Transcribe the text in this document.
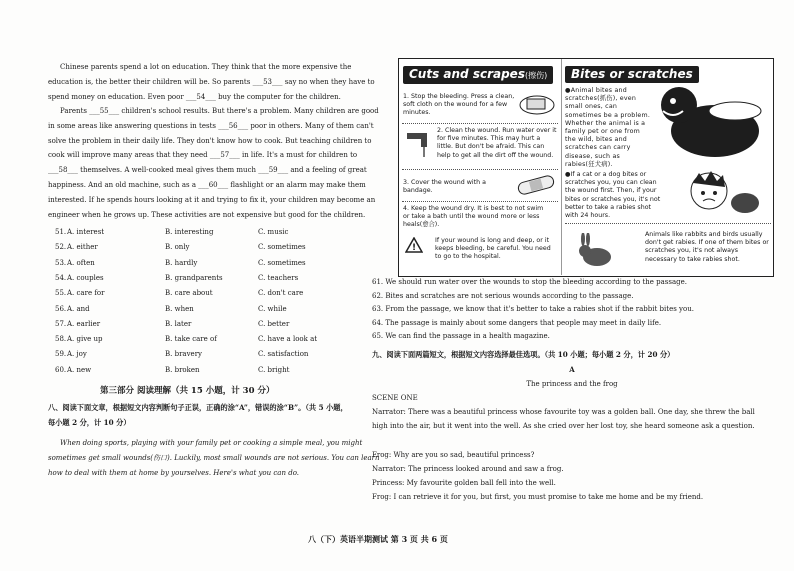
Chinese parents spend a lot on education. They think that the more expensive the education is, the better their children will be. So parents ___53___ say no when they have to spend money on education. Even poor ___54___ buy the computer for the children.
Parents ___55___ children's school results. But there's a problem. Many children are good in some areas like answering questions in tests ___56___ poor in others. Many of them can't solve the problem in their daily life. They don't know how to cook. But teaching children to cook will improve many areas that they need ___57___ in life. It's a must for children to ___58___ themselves. A well-cooked meal gives them much ___59___ and a feeling of great happiness. And an old machine, such as a ___60___ flashlight or an alarm may make them interested. If he spends hours looking at it and trying to fix it, your children may become an engineer when he grows up. These activities are not expensive but good for the children.
51. A. interest	B. interesting	C. music
52. A. either	B. only	C. sometimes
53. A. often	B. hardly	C. sometimes
54. A. couples	B. grandparents	C. teachers
55. A. care for	B. care about	C. don't care
56. A. and	B. when	C. while
57. A. earlier	B. later	C. better
58. A. give up	B. take care of	C. have a look at
59. A. joy	B. bravery	C. satisfaction
60. A. new	B. broken	C. bright
第三部分 阅读理解（共 15 小题，计 30 分）
八、阅读下面文章，根据短文内容判断句子正误，正确的涂“A”，错误的涂“B”。（共 5 小题，
每小题 2 分，计 10 分）
When doing sports, playing with your family pet or cooking a simple meal, you might sometimes get small wounds(伤口). Luckily, most small wounds are not serious. You can learn how to deal with them at home by yourselves. Here's what you can do.
Cuts and scrapes(擦伤)	Bites or scratches
1. Stop the bleeding. Press a clean, soft cloth on the wound for a few minutes.
2. Clean the wound. Run water over it for five minutes. This may hurt a little. But don't be afraid. This can help to get all the dirt off the wound.
3. Cover the wound with a bandage.
4. Keep the wound dry. It is best to not swim or take a bath until the wound more or less heals(愈合).
!
If your wound is long and deep, or it keeps bleeding, be careful. You need to go to the hospital.
●Animal bites and scratches(抓伤), even small ones, can sometimes be a problem. Whether the animal is a family pet or one from the wild, bites and scratches can carry disease, such as rabies(狂犬病).
●If a cat or a dog bites or scratches you, you can clean the wound first. Then, if your bites or scratches you, it's not better to take a rabies shot with 24 hours.
Animals like rabbits and birds usually don't get rabies. If one of them bites or scratches you, it's not always necessary to take rabies shot.
61. We should run water over the wounds to stop the bleeding according to the passage.
62. Bites and scratches are not serious wounds according to the passage.
63. From the passage, we know that it's better to take a rabies shot if the rabbit bites you.
64. The passage is mainly about some dangers that people may meet in daily life.
65. We can find the passage in a health magazine.
九、阅读下面两篇短文，根据短文内容选择最佳选项。（共 10 小题；每小题 2 分，计 20 分）
A
The princess and the frog
SCENE ONE
Narrator: There was a beautiful princess whose favourite toy was a golden ball. One day, she threw the ball high into the air, but it went into the well. As she cried over her lost toy, she heard someone ask a question.
Frog: Why are you so sad, beautiful princess?
Narrator: The princess looked around and saw a frog.
Princess: My favourite golden ball fell into the well.
Frog: I can retrieve it for you, but first, you must promise to take me home and be my friend.
八（下）英语半期测试 第 3 页 共 6 页
